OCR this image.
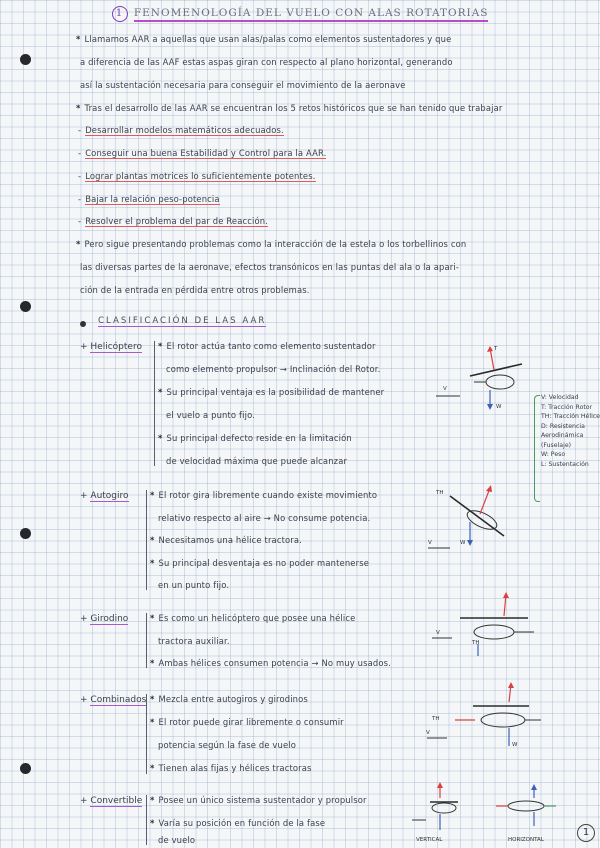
1 FENOMENOLOGÍA DEL VUELO CON ALAS ROTATORIAS
* Llamamos AAR a aquellas que usan alas/palas como elementos sustentadores y que
a diferencia de las AAF estas aspas giran con respecto al plano horizontal, generando
así la sustentación necesaria para conseguir el movimiento de la aeronave
* Tras el desarrollo de las AAR se encuentran los 5 retos históricos que se han tenido que trabajar
- Desarrollar modelos matemáticos adecuados.
- Conseguir una buena Estabilidad y Control para la AAR.
- Lograr plantas motrices lo suficientemente potentes.
- Bajar la relación peso-potencia
- Resolver el problema del par de Reacción.
* Pero sigue presentando problemas como la interacción de la estela o los torbellinos con
las diversas partes de la aeronave, efectos transónicos en las puntas del ala o la apari-
ción de la entrada en pérdida entre otros problemas.
CLASIFICACIÓN DE LAS AAR
+ Helicóptero * El rotor actúa tanto como elemento sustentador
como elemento propulsor → Inclinación del Rotor.
* Su principal ventaja es la posibilidad de mantener
el vuelo a punto fijo.
* Su principal defecto reside en la limitación
de velocidad máxima que puede alcanzar
T
W
V
V: Velocidad
T: Tracción Rotor
TH: Tracción Hélice
D: Resistencia
Aerodinámica
(Fuselaje)
W: Peso
L: Sustentación
+ Autogiro	* El rotor gira libremente cuando existe movimiento
relativo respecto al aire → No consume potencia.
* Necesitamos una hélice tractora.
* Su principal desventaja es no poder mantenerse
en un punto fijo.
TH
V	W
+ Girodino	* Es como un helicóptero que posee una hélice
tractora auxiliar.
* Ambas hélices consumen potencia → No muy usados.
V
TH
+ Combinados * Mezcla entre autogiros y girodinos
* El rotor puede girar libremente o consumir
potencia según la fase de vuelo
* Tienen alas fijas y hélices tractoras
TH
V
W
+ Convertible * Posee un único sistema sustentador y propulsor
* Varía su posición en función de la fase
de vuelo	VERTICAL	HORIZONTAL
1
